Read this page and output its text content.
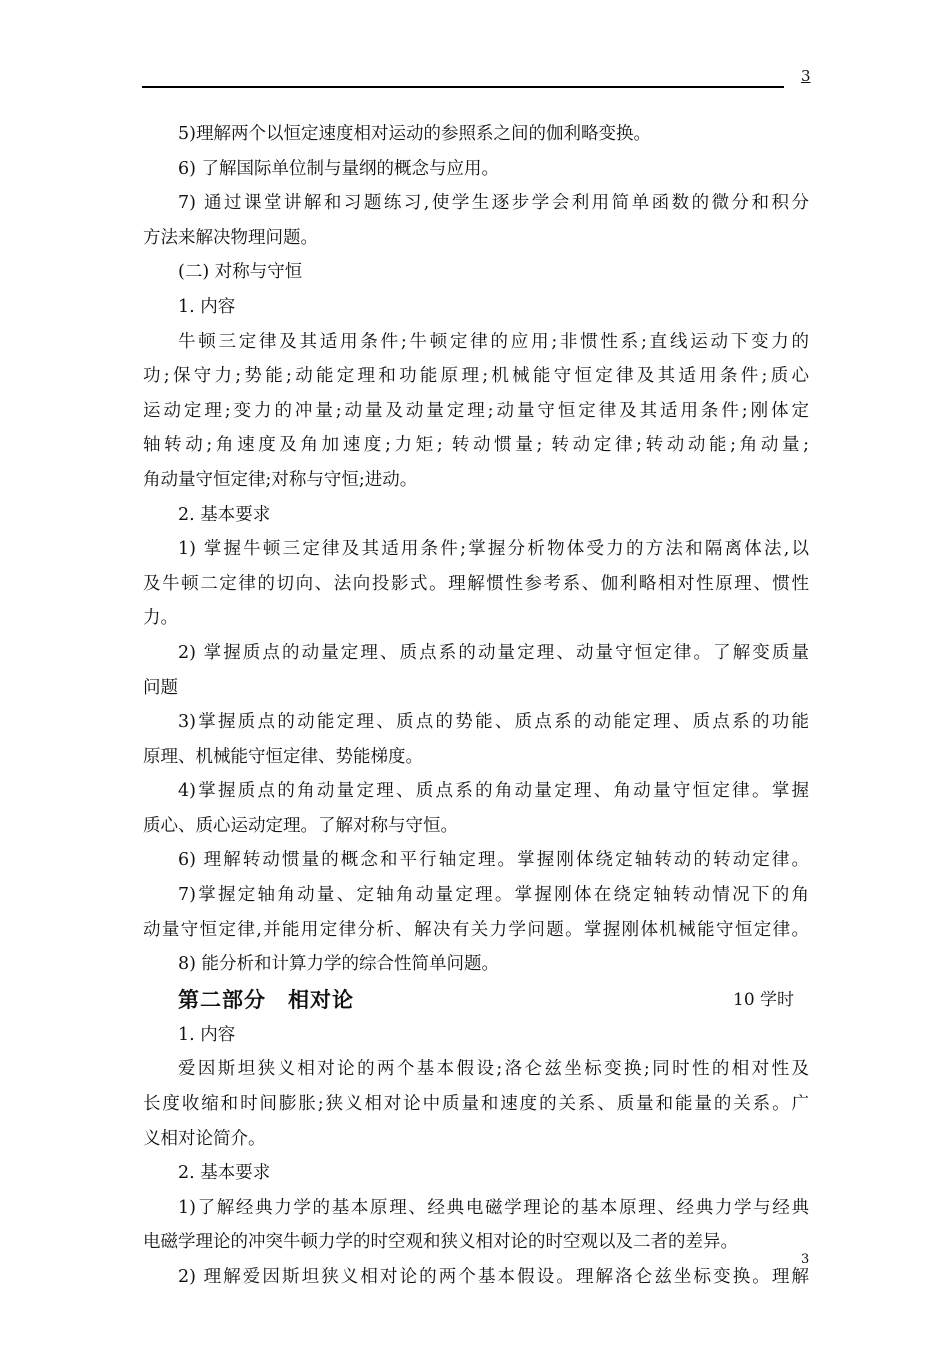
3
5)理解两个以恒定速度相对运动的参照系之间的伽利略变换。
6) 了解国际单位制与量纲的概念与应用。
7) 通过课堂讲解和习题练习,使学生逐步学会利用简单函数的微分和积分
方法来解决物理问题。
(二) 对称与守恒
1. 内容
牛顿三定律及其适用条件;牛顿定律的应用;非惯性系;直线运动下变力的
功;保守力;势能;动能定理和功能原理;机械能守恒定律及其适用条件;质心
运动定理;变力的冲量;动量及动量定理;动量守恒定律及其适用条件;刚体定
轴转动;角速度及角加速度;力矩; 转动惯量; 转动定律;转动动能;角动量;
角动量守恒定律;对称与守恒;进动。
2. 基本要求
1) 掌握牛顿三定律及其适用条件;掌握分析物体受力的方法和隔离体法,以
及牛顿二定律的切向、法向投影式。理解惯性参考系、伽利略相对性原理、惯性
力。
2) 掌握质点的动量定理、质点系的动量定理、动量守恒定律。了解变质量
问题
3)掌握质点的动能定理、质点的势能、质点系的动能定理、质点系的功能
原理、机械能守恒定律、势能梯度。
4)掌握质点的角动量定理、质点系的角动量定理、角动量守恒定律。掌握
质心、质心运动定理。了解对称与守恒。
6) 理解转动惯量的概念和平行轴定理。掌握刚体绕定轴转动的转动定律。
7)掌握定轴角动量、定轴角动量定理。掌握刚体在绕定轴转动情况下的角
动量守恒定律,并能用定律分析、解决有关力学问题。掌握刚体机械能守恒定律。
8) 能分析和计算力学的综合性简单问题。
第二部分　相对论	10 学时
1. 内容
爱因斯坦狭义相对论的两个基本假设;洛仑兹坐标变换;同时性的相对性及
长度收缩和时间膨胀;狭义相对论中质量和速度的关系、质量和能量的关系。广
义相对论简介。
2. 基本要求
1)了解经典力学的基本原理、经典电磁学理论的基本原理、经典力学与经典
电磁学理论的冲突牛顿力学的时空观和狭义相对论的时空观以及二者的差异。
2) 理解爱因斯坦狭义相对论的两个基本假设。理解洛仑兹坐标变换。理解
3
